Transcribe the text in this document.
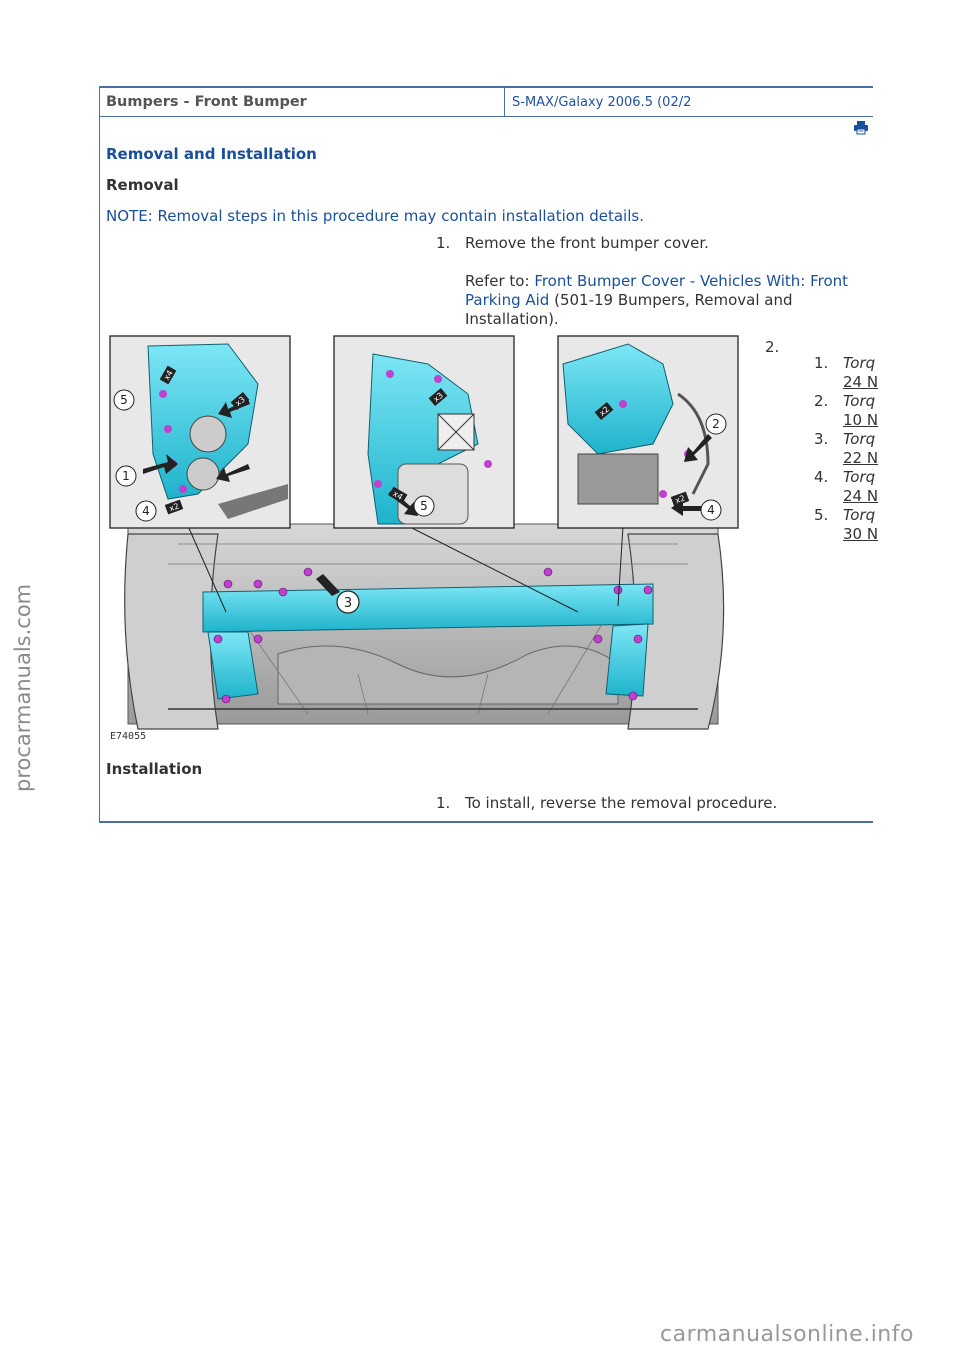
Bumpers - Front Bumper	S-MAX/Galaxy 2006.5 (02/2
Removal and Installation
Removal
NOTE: Removal steps in this procedure may contain installation details.
1. Remove the front bumper cover.
Refer to: Front Bumper Cover - Vehicles With: Front
Parking Aid (501-19 Bumpers, Removal and
Installation).
2.
1. Torq
24 N
2. Torq
10 N
3. Torq
22 N
4. Torq
24 N
5. Torq
30 N
3
5
1
4
x4
x3
x2	5
x3
x4
2
4
x2
x2
E74055
Installation
1. To install, reverse the removal procedure.
procarmanuals.com
carmanualsonline.info
